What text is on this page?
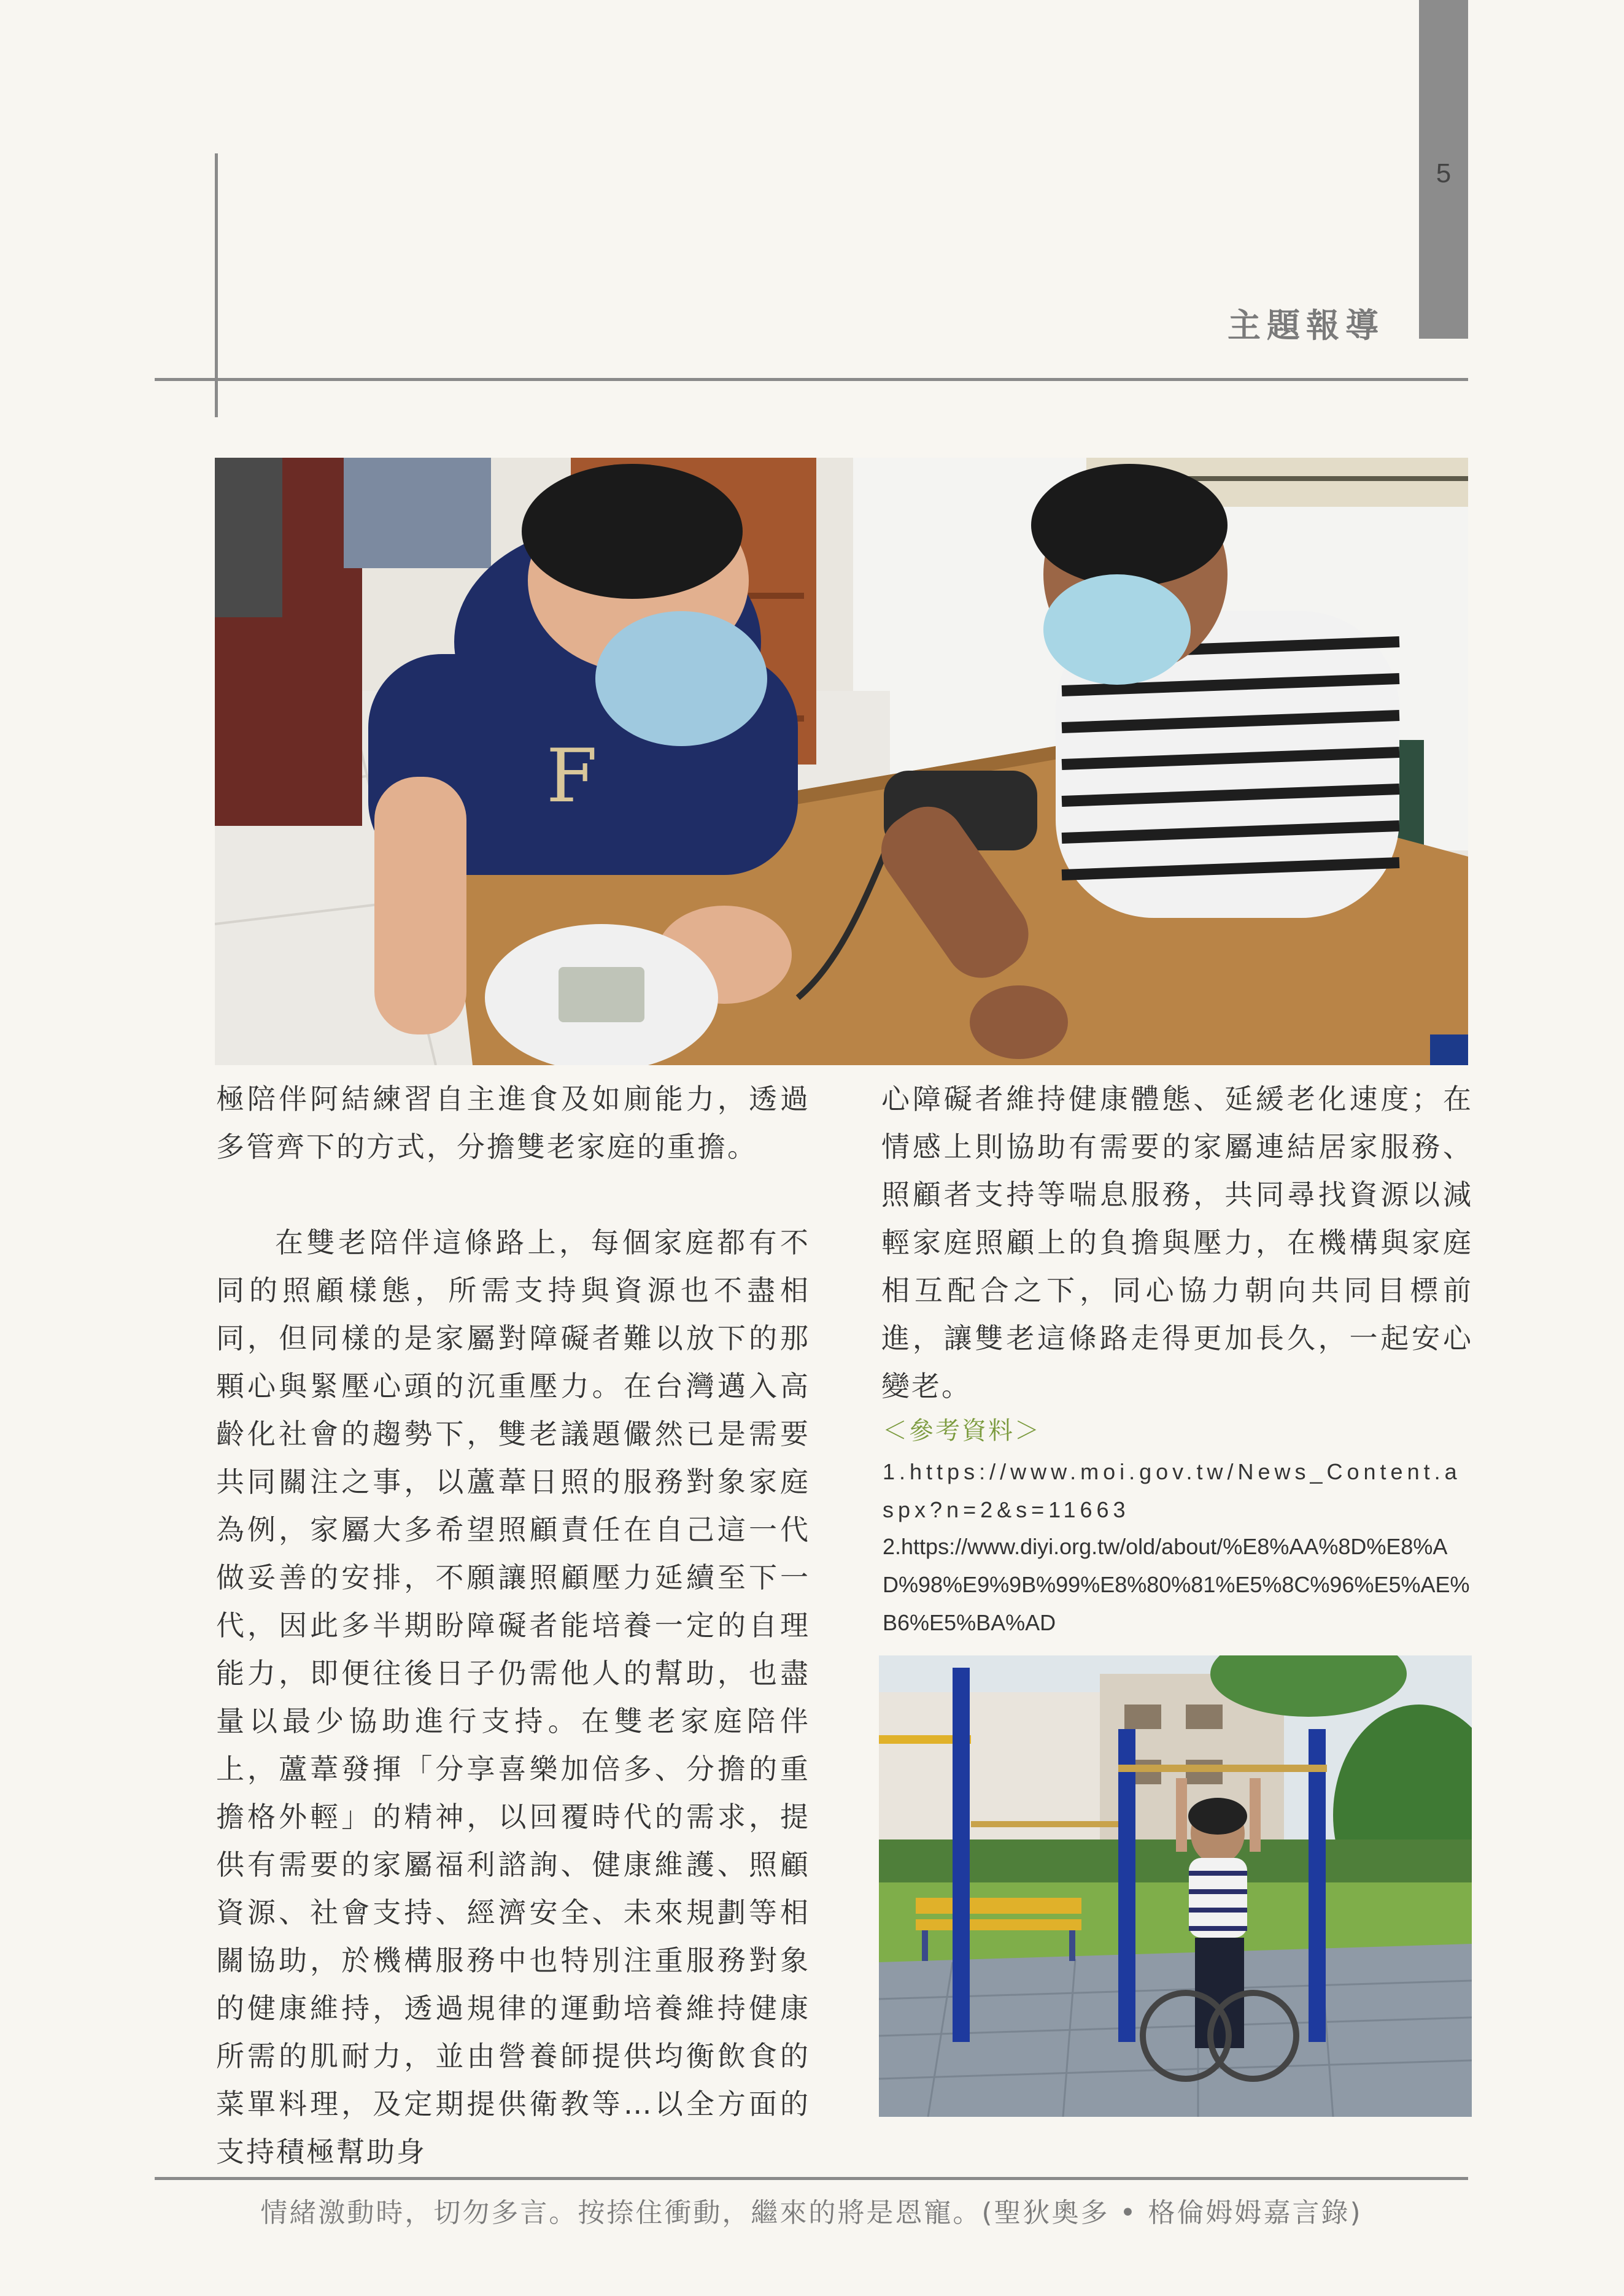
5
主題報導
F

極陪伴阿結練習自主進食及如廁能力，透過多管齊下的方式，分擔雙老家庭的重擔。

在雙老陪伴這條路上，每個家庭都有不同的照顧樣態，所需支持與資源也不盡相同，但同樣的是家屬對障礙者難以放下的那顆心與緊壓心頭的沉重壓力。在台灣邁入高齡化社會的趨勢下，雙老議題儼然已是需要共同關注之事，以蘆葦日照的服務對象家庭為例，家屬大多希望照顧責任在自己這一代做妥善的安排，不願讓照顧壓力延續至下一代，因此多半期盼障礙者能培養一定的自理能力，即便往後日子仍需他人的幫助，也盡量以最少協助進行支持。在雙老家庭陪伴上，蘆葦發揮「分享喜樂加倍多、分擔的重擔格外輕」的精神，以回覆時代的需求，提供有需要的家屬福利諮詢、健康維護、照顧資源、社會支持、經濟安全、未來規劃等相關協助，於機構服務中也特別注重服務對象的健康維持，透過規律的運動培養維持健康所需的肌耐力，並由營養師提供均衡飲食的菜單料理，及定期提供衛教等…以全方面的支持積極幫助身

心障礙者維持健康體態、延緩老化速度；在情感上則協助有需要的家屬連結居家服務、照顧者支持等喘息服務，共同尋找資源以減輕家庭照顧上的負擔與壓力，在機構與家庭相互配合之下，同心協力朝向共同目標前進，讓雙老這條路走得更加長久，一起安心變老。

＜參考資料＞

1.https://www.moi.gov.tw/News_Content.aspx?n=2&s=11663

2.https://www.diyi.org.tw/old/about/%E8%AA%8D%E8%AD%98%E9%9B%99%E8%80%81%E5%8C%96%E5%AE%B6%E5%BA%AD

情緒激動時，切勿多言。按捺住衝動，繼來的將是恩寵。(聖狄奧多 • 格倫姆姆嘉言錄)
